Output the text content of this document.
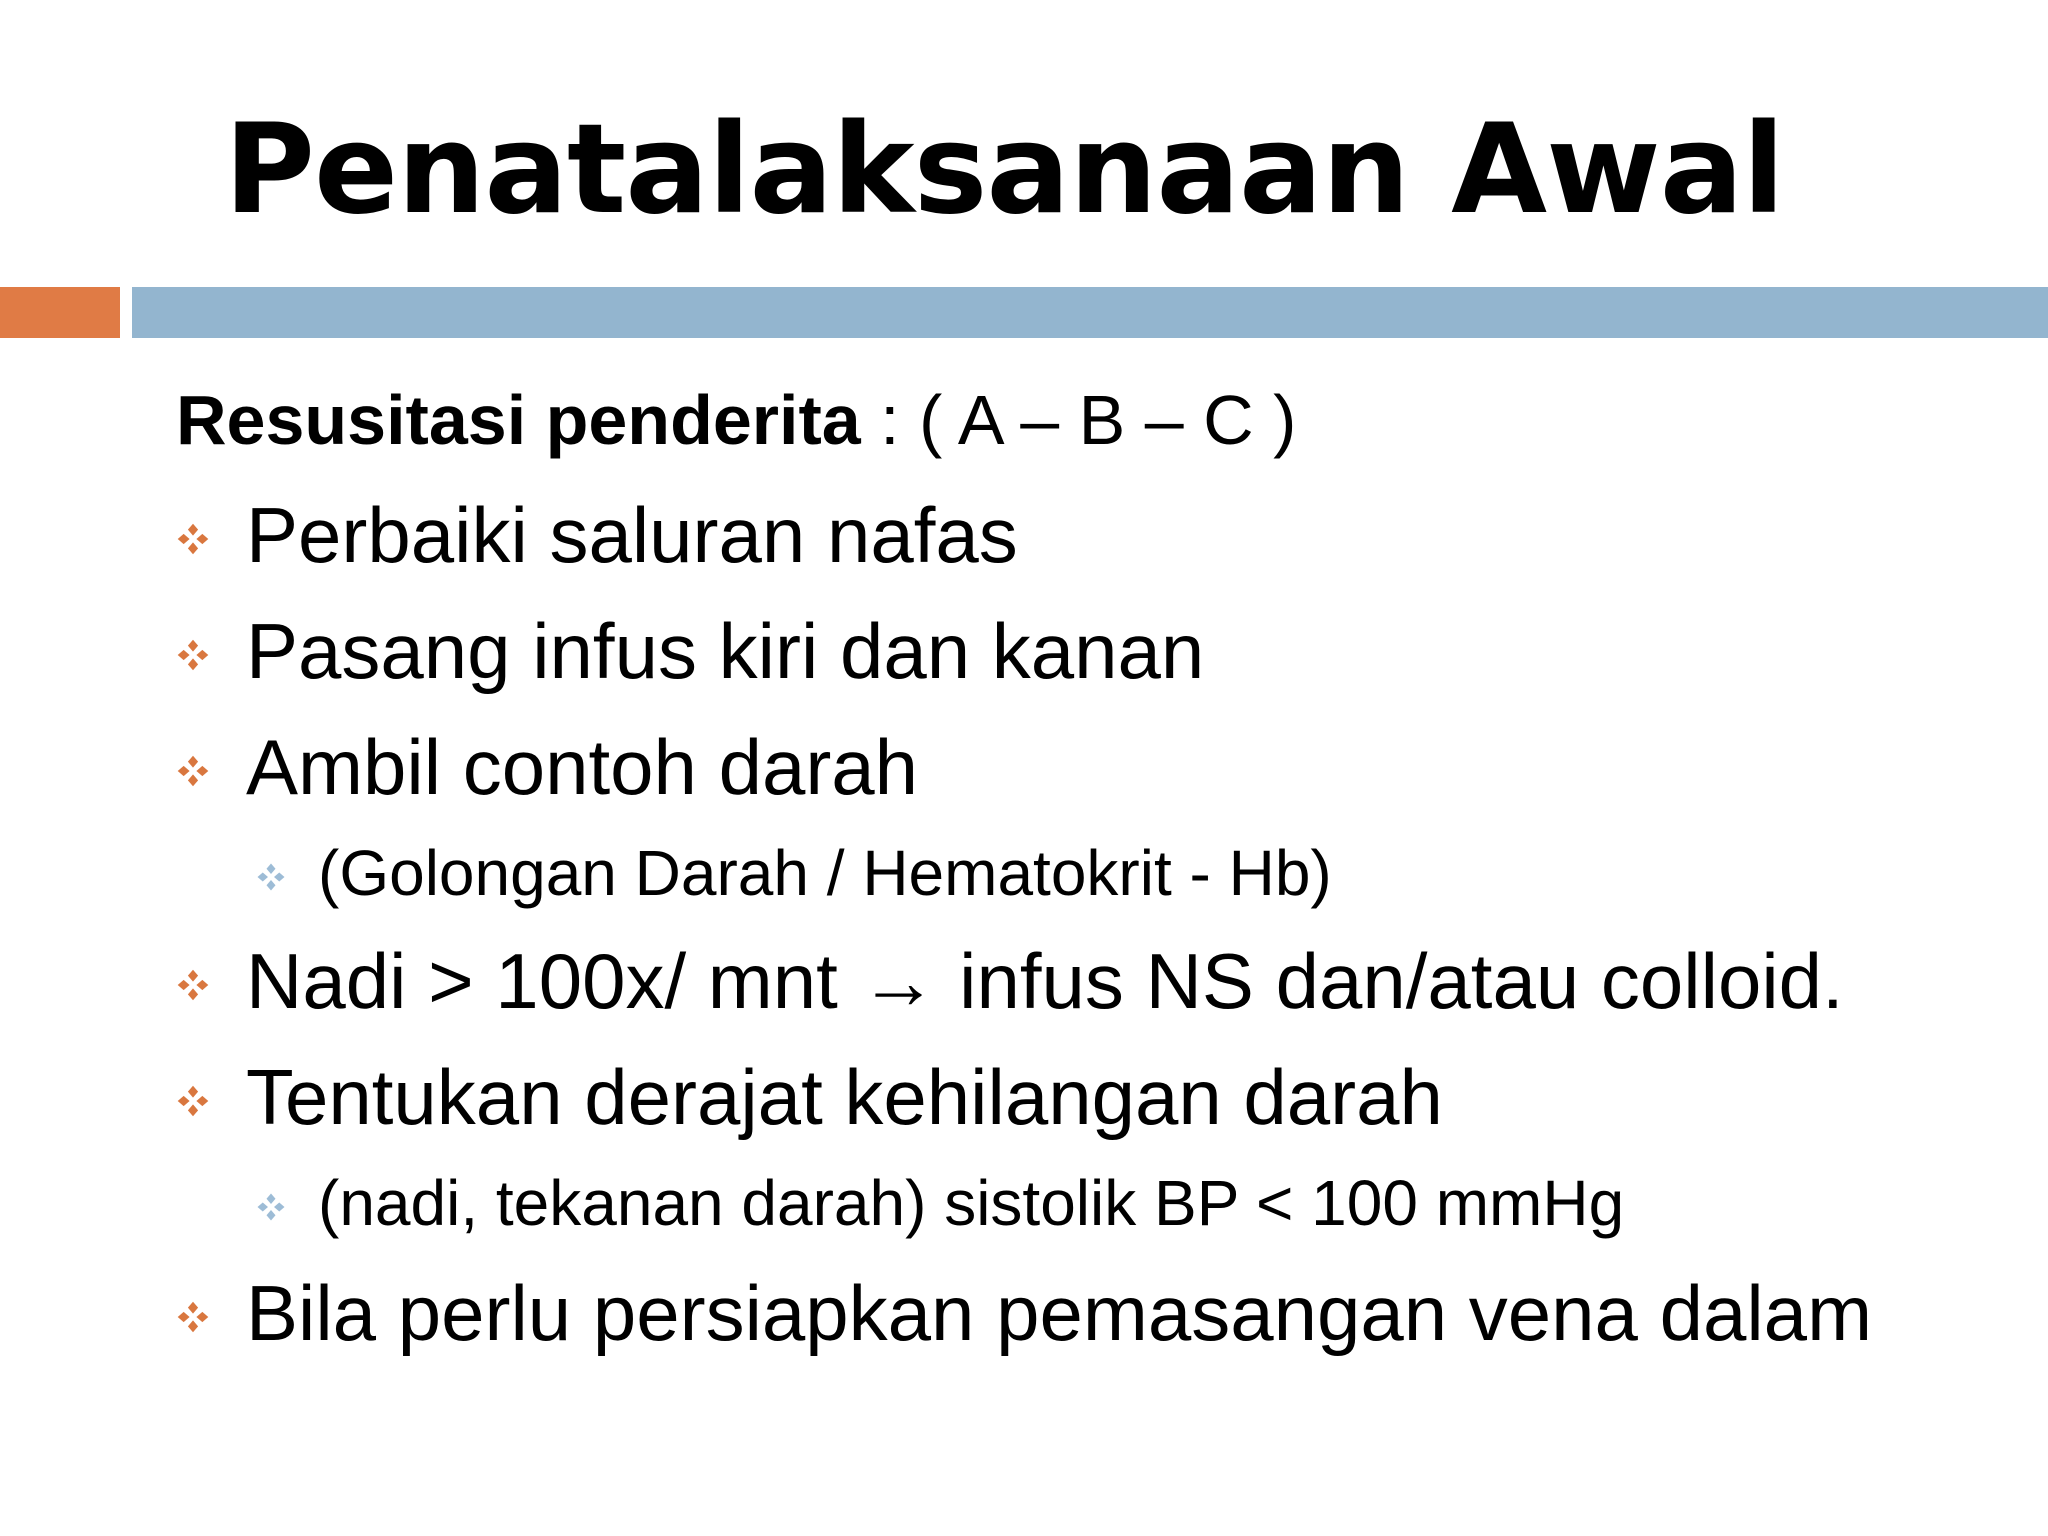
Penatalaksanaan Awal
Resusitasi penderita : ( A – B – C )
Perbaiki saluran nafas
Pasang infus kiri dan kanan
Ambil contoh darah
(Golongan Darah / Hematokrit - Hb)
Nadi > 100x/ mnt → infus NS dan/atau colloid.
Tentukan derajat kehilangan darah
(nadi, tekanan darah) sistolik BP < 100 mmHg
Bila perlu persiapkan pemasangan vena dalam
